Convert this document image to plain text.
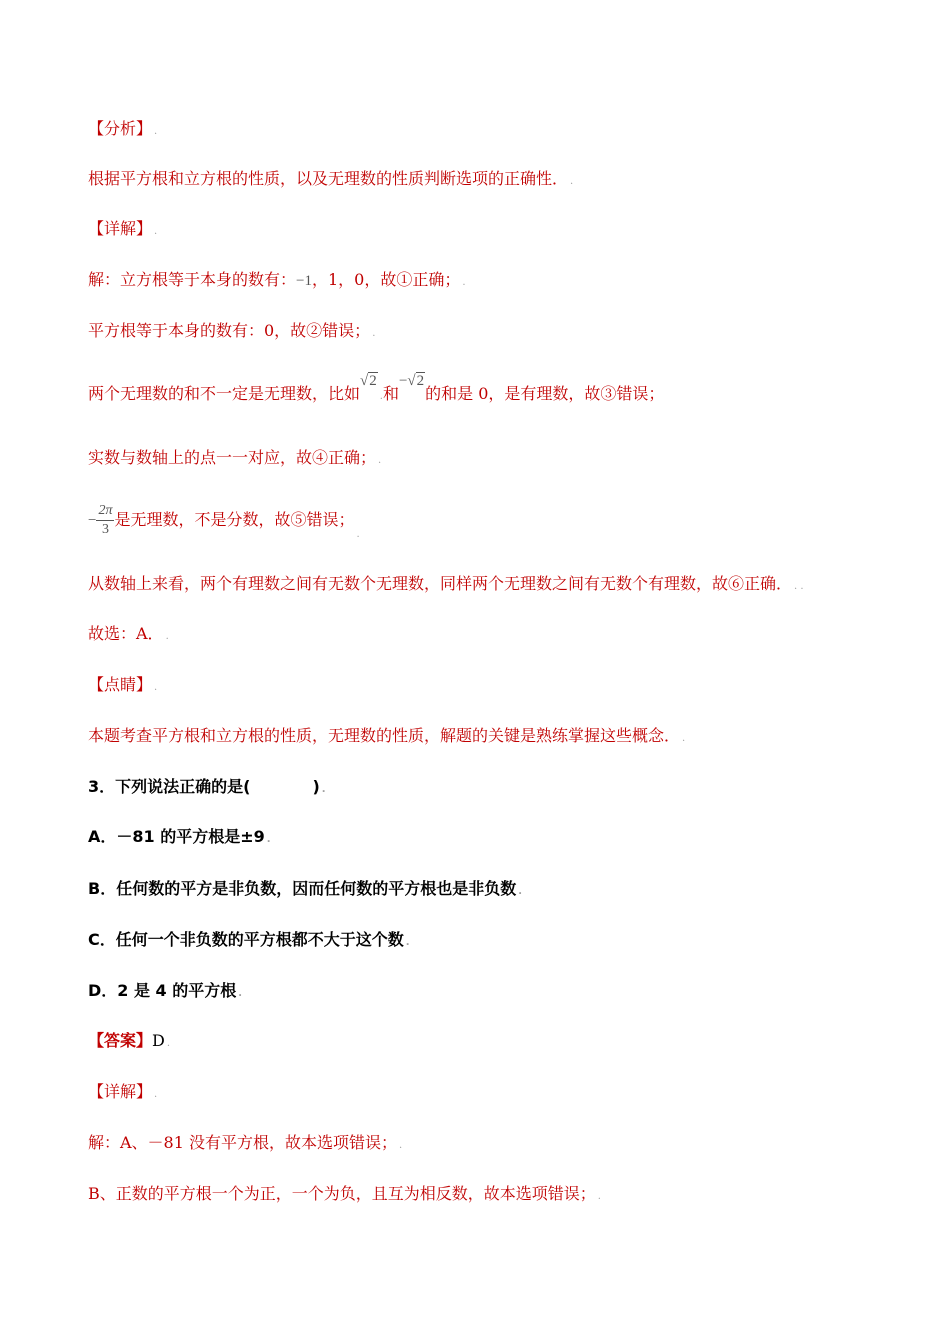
【分析】 .
根据平方根和立方根的性质，以及无理数的性质判断选项的正确性． .
【详解】 .
解：立方根等于本身的数有：−1，1，0，故①正确； .
平方根等于本身的数有：0，故②错误； .
两个无理数的和不一定是无理数，比如√2.和−√2的和是 0，是有理数，故③错误；
实数与数轴上的点一一对应，故④正确； .
− $\frac{2\pi}{3}$ 是无理数，不是分数，故⑤错误；$_.$
从数轴上来看，两个有理数之间有无数个无理数，同样两个无理数之间有无数个有理数，故⑥正确． . .
故选：A． .
【点睛】 .
本题考查平方根和立方根的性质，无理数的性质，解题的关键是熟练掌握这些概念． .
3．下列说法正确的是(	) .
A．－81 的平方根是±9 .
B．任何数的平方是非负数，因而任何数的平方根也是非负数 .
C．任何一个非负数的平方根都不大于这个数 .
D．2 是 4 的平方根 .
【答案】D .
【详解】 .
解：A、－81 没有平方根，故本选项错误； .
B、正数的平方根一个为正，一个为负，且互为相反数，故本选项错误； .
